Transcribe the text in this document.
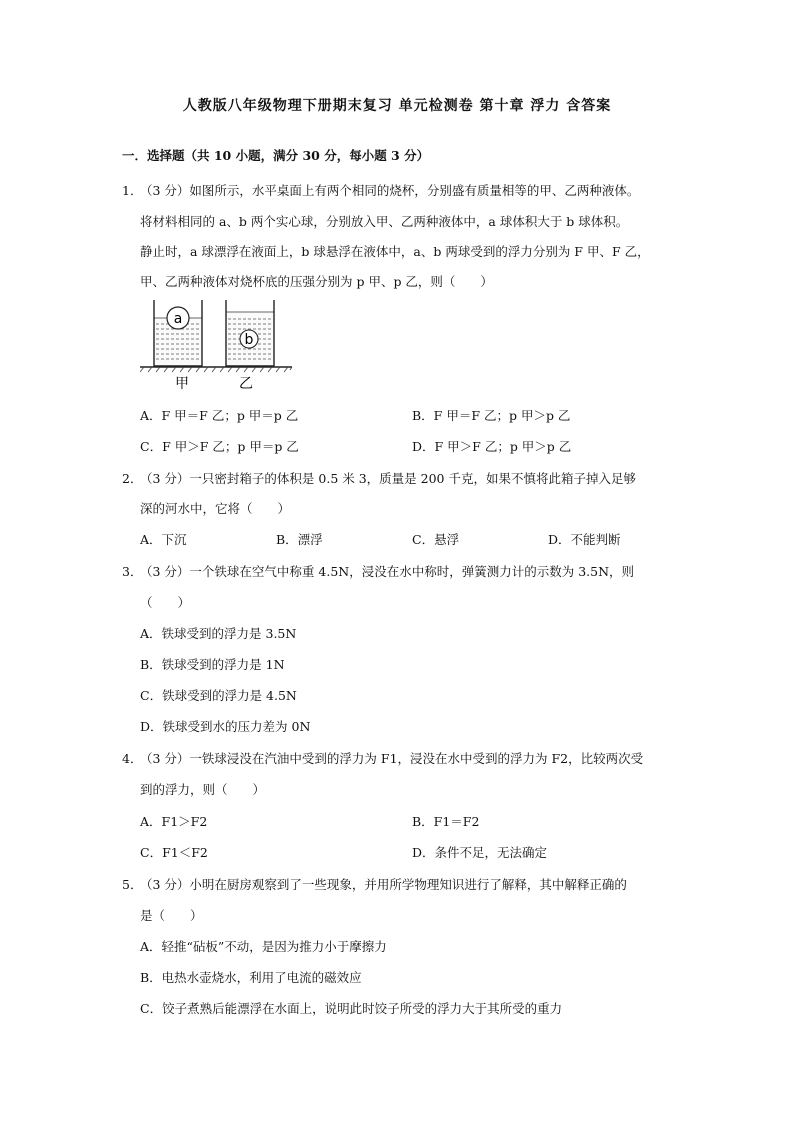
人教版八年级物理下册期末复习 单元检测卷 第十章 浮力 含答案
一．选择题（共 10 小题，满分 30 分，每小题 3 分）
1．
（3 分）如图所示，水平桌面上有两个相同的烧杯，分别盛有质量相等的甲、乙两种液体。
将材料相同的 a、b 两个实心球，分别放入甲、乙两种液体中，a 球体积大于 b 球体积。
静止时，a 球漂浮在液面上，b 球悬浮在液体中，a、b 两球受到的浮力分别为 F 甲、F 乙，
甲、乙两种液体对烧杯底的压强分别为 p 甲、p 乙，则（　　）
a
b
甲	乙
A．F 甲＝F 乙；p 甲＝p 乙	B．F 甲＝F 乙；p 甲＞p 乙
C．F 甲＞F 乙；p 甲＝p 乙	D．F 甲＞F 乙；p 甲＞p 乙
2．
（3 分）一只密封箱子的体积是 0.5 米 3，质量是 200 千克，如果不慎将此箱子掉入足够
深的河水中，它将（　　）
A．下沉	B．漂浮	C．悬浮	D．不能判断
3．
（3 分）一个铁球在空气中称重 4.5N，浸没在水中称时，弹簧测力计的示数为 3.5N，则
（　　）
A．铁球受到的浮力是 3.5N
B．铁球受到的浮力是 1N
C．铁球受到的浮力是 4.5N
D．铁球受到水的压力差为 0N
4．
（3 分）一铁球浸没在汽油中受到的浮力为 F1，浸没在水中受到的浮力为 F2，比较两次受
到的浮力，则（　　）
A．F1＞F2	B．F1＝F2
C．F1＜F2	D．条件不足，无法确定
5．
（3 分）小明在厨房观察到了一些现象，并用所学物理知识进行了解释，其中解释正确的
是（　　）
A．轻推“砧板”不动，是因为推力小于摩擦力
B．电热水壶烧水，利用了电流的磁效应
C．饺子煮熟后能漂浮在水面上，说明此时饺子所受的浮力大于其所受的重力
